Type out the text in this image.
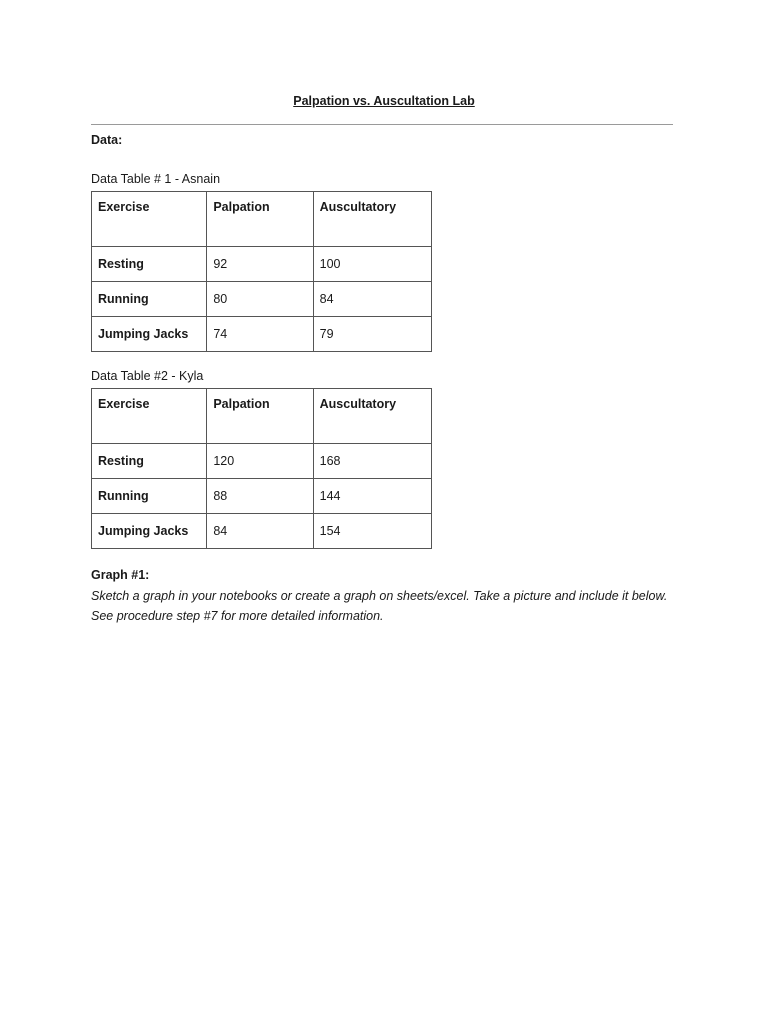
Palpation vs. Auscultation Lab

Data:

Data Table # 1 - Asnain

Exercise	Palpation	Auscultatory
Resting	92	100
Running	80	84
Jumping Jacks	74	79

Data Table #2 - Kyla

Exercise	Palpation	Auscultatory
Resting	120	168
Running	88	144
Jumping Jacks	84	154

Graph #1:

Sketch a graph in your notebooks or create a graph on sheets/excel. Take a picture and include it below.
See procedure step #7 for more detailed information.
